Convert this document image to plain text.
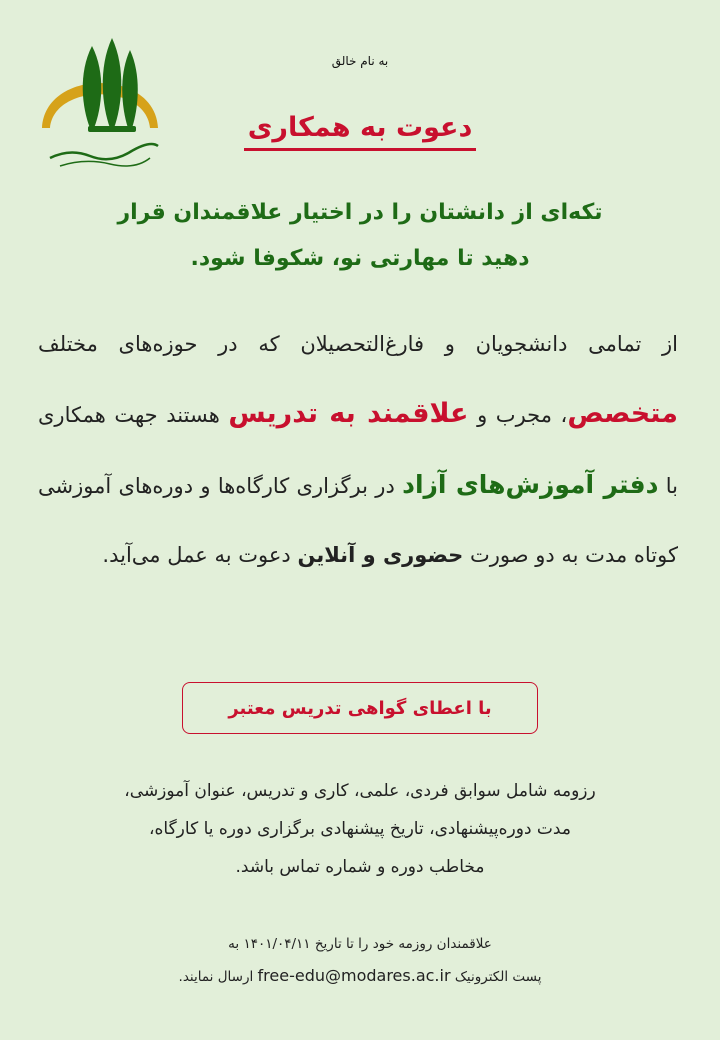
به نام خالق
دعوت به همکاری
تکه‌ای از دانشتان را در اختیار علاقمندان قرار
دهید تا مهارتی نو، شکوفا شود.
از تمامی دانشجویان و فارغ‌التحصیلان که در حوزه‌های مختلف متخصص، مجرب و علاقمند به تدریس هستند جهت همکاری با دفتر آموزش‌های آزاد در برگزاری کارگاه‌ها و دوره‌های آموزشی کوتاه مدت به دو صورت حضوری و آنلاین دعوت به عمل می‌آید.
با اعطای گواهی تدریس معتبر
رزومه شامل سوابق فردی، علمی، کاری و تدریس، عنوان آموزشی،
مدت دوره‌پیشنهادی، تاریخ پیشنهادی برگزاری دوره یا کارگاه،
مخاطب دوره و شماره تماس باشد.
علاقمندان روزمه خود را تا تاریخ ۱۴۰۱/۰۴/۱۱ به
پست الکترونیک free-edu@modares.ac.ir ارسال نمایند.
